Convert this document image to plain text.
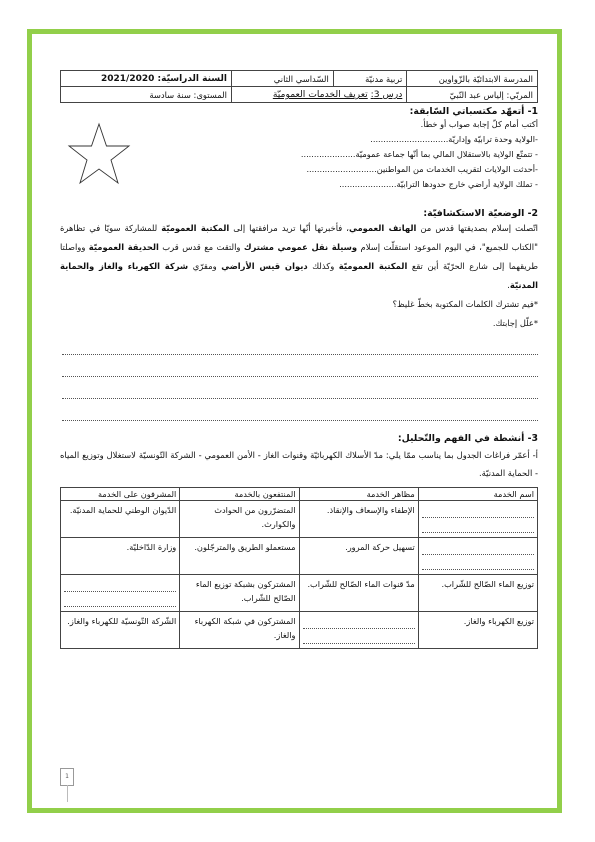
المدرسة الابتدائيّة بالزّواوين	تربية مدنيّة	السّداسي الثاني	السنة الدراسيّة: 2021/2020
المربّي: إلياس عبد النّبيّ	درس 3: تعريف الخدمات العموميّة		المستوى: سنة سادسة
1- أتعهّد مكتسباتي السّابقة:
أكتب أمام كلّ إجابة صواب أو خطأ.
-الولاية وحدة ترابيّة وإداريّة..............................
- تتمتّع الولاية بالاستقلال المالي بما أنّها جماعة عموميّة.....................
-أحدثت الولايات لتقريب الخدمات من المواطنين...........................
- تملك الولاية أراضي خارج حدودها الترابيّة......................
2- الوضعيّة الاستكشافيّة:
اتّصلت إسلام بصديقتها قدس من الهاتف العمومي، فأخبرتها أنّها تريد مرافقتها إلى المكتبة العموميّة للمشاركة سويّا في تظاهرة "الكتاب للجميع"، في اليوم الموعود استقلّت إسلام وسيلة نقل عمومي مشترك والتقت مع قدس قرب الحديقة العموميّة وواصلتا طريقهما إلى شارع الحرّيّة أين تقع المكتبة العموميّة وكذلك ديوان قيس الأراضي ومقرّي شركة الكهرباء والغاز والحماية المدنيّة.
*فيم تشترك الكلمات المكتوبة بخطّ غليظ؟
*علّل إجابتك.
3- أنشطة في الفهم والتّحليل:
أ- أعمّر فراغات الجدول بما يناسب ممّا يلي: مدّ الأسلاك الكهربائيّة وقنوات الغاز - الأمن العمومي - الشركة التّونسيّة لاستغلال وتوزيع المياه - الحماية المدنيّة.
اسم الخدمة	مظاهر الخدمة	المنتفعون بالخدمة	المشرفون على الخدمة

	الإطفاء والإسعاف والإنقاذ.	المتضرّرون من الحوادث والكوارث.	الدّيوان الوطني للحماية المدنيّة.

	تسهيل حركة المرور.	مستعملو الطريق والمترجّلون.	وزارة الدّاخليّة.
توزيع الماء الصّالح للشّراب.	مدّ قنوات الماء الصّالح للشّراب.	المشتركون بشبكة توزيع الماء الصّالح للشّراب.	

توزيع الكهرباء والغاز.		المشتركون في شبكة الكهرباء والغاز.	الشّركة التّونسيّة للكهرباء والغاز.
1
